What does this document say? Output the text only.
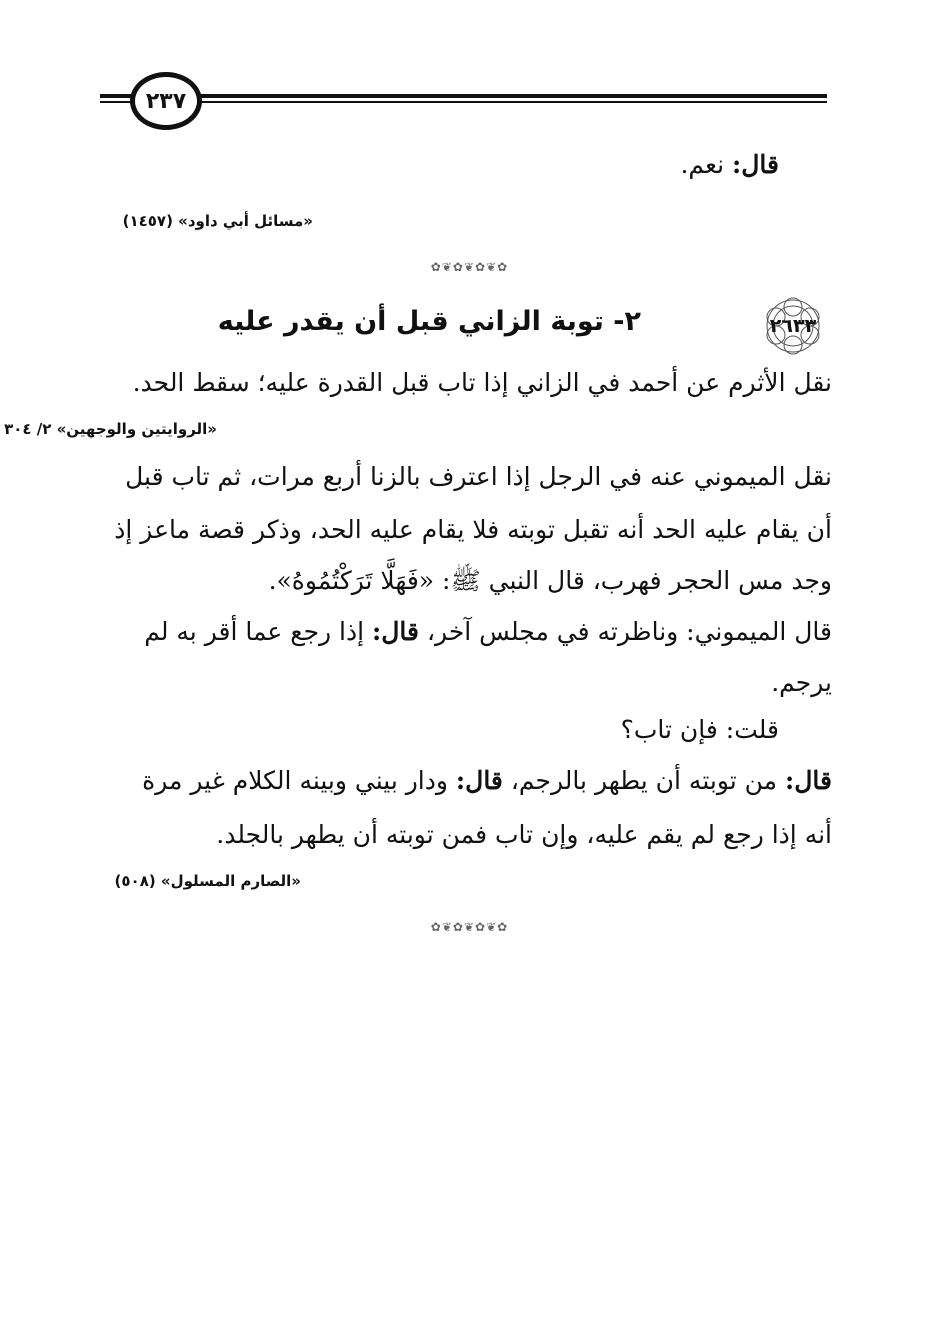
٢٣٧
قال: نعم.
«مسائل أبي داود» (١٤٥٧)
✿❦✿❦✿❦✿
٢٦٣٣
٢- توبة الزاني قبل أن يقدر عليه
نقل الأثرم عن أحمد في الزاني إذا تاب قبل القدرة عليه؛ سقط الحد.
«الروايتين والوجهين» ٢/ ٣٠٤
نقل الميموني عنه في الرجل إذا اعترف بالزنا أربع مرات، ثم تاب قبل
أن يقام عليه الحد أنه تقبل توبته فلا يقام عليه الحد، وذكر قصة ماعز إذ
وجد مس الحجر فهرب، قال النبي ﷺ: «فَهَلَّا تَرَكْتُمُوهُ».
قال الميموني: وناظرته في مجلس آخر، قال: إذا رجع عما أقر به لم
يرجم.
قلت: فإن تاب؟
قال: من توبته أن يطهر بالرجم، قال: ودار بيني وبينه الكلام غير مرة
أنه إذا رجع لم يقم عليه، وإن تاب فمن توبته أن يطهر بالجلد.
«الصارم المسلول» (٥٠٨)
✿❦✿❦✿❦✿
